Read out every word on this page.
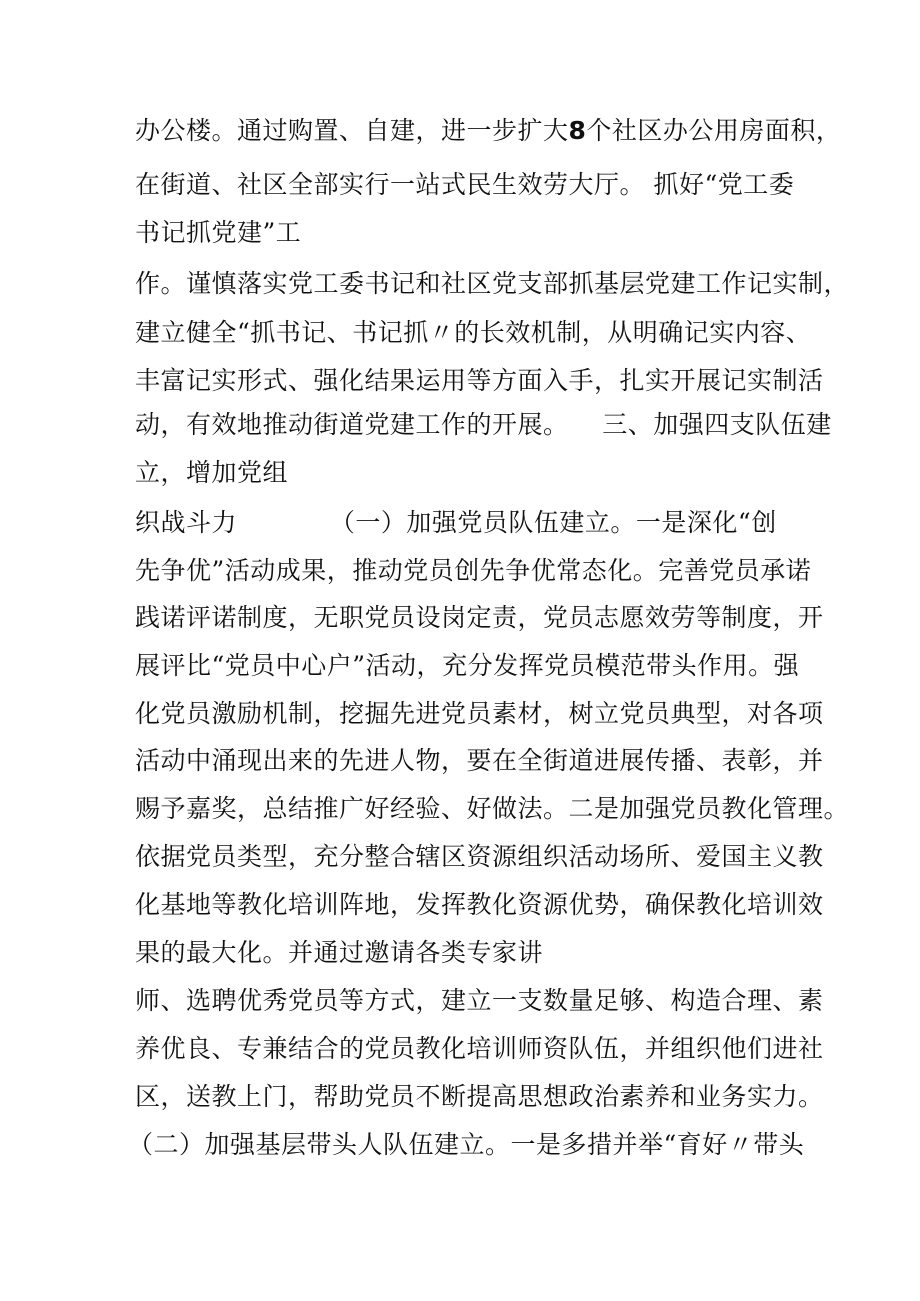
办公楼。通过购置、自建，进一步扩大8个社区办公用房面积，
在街道、社区全部实行一站式民生效劳大厅。 抓好“党工委
书记抓党建”工
作。谨慎落实党工委书记和社区党支部抓基层党建工作记实制，
建立健全“抓书记、书记抓〃的长效机制，从明确记实内容、
丰富记实形式、强化结果运用等方面入手，扎实开展记实制活
动，有效地推动街道党建工作的开展。    三、加强四支队伍建
立，增加党组
织战斗力           （一）加强党员队伍建立。一是深化“创
先争优”活动成果，推动党员创先争优常态化。完善党员承诺
践诺评诺制度，无职党员设岗定责，党员志愿效劳等制度，开
展评比“党员中心户”活动，充分发挥党员模范带头作用。强
化党员激励机制，挖掘先进党员素材，树立党员典型，对各项
活动中涌现出来的先进人物，要在全街道进展传播、表彰，并
赐予嘉奖，总结推广好经验、好做法。二是加强党员教化管理。
依据党员类型，充分整合辖区资源组织活动场所、爱国主义教
化基地等教化培训阵地，发挥教化资源优势，确保教化培训效
果的最大化。并通过邀请各类专家讲
师、选聘优秀党员等方式，建立一支数量足够、构造合理、素
养优良、专兼结合的党员教化培训师资队伍，并组织他们进社
区，送教上门，帮助党员不断提高思想政治素养和业务实力。
（二）加强基层带头人队伍建立。一是多措并举“育好〃带头
